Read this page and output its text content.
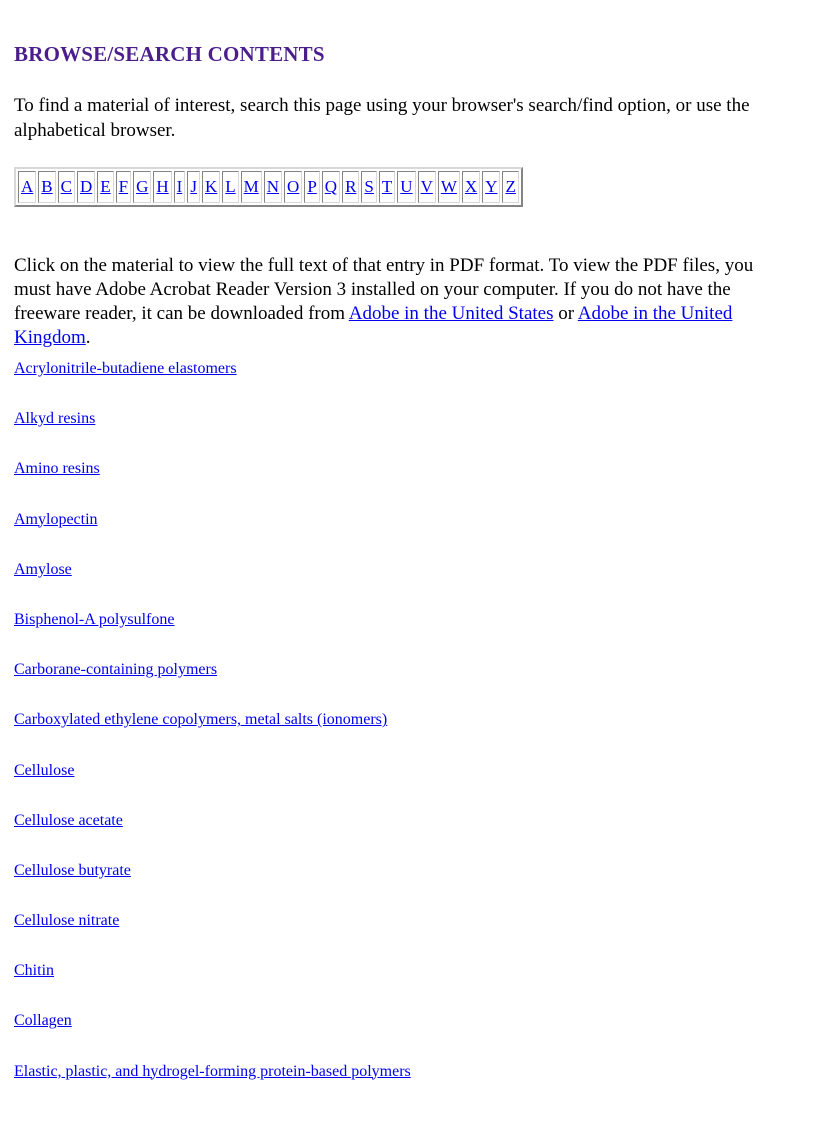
BROWSE/SEARCH CONTENTS

To find a material of interest, search this page using your browser's search/find option, or use the alphabetical browser.

A	B	C	D	E	F	G	H	I	J	K	L	M	N	O	P	Q	R	S	T	U	V	W	X	Y	Z

Click on the material to view the full text of that entry in PDF format. To view the PDF files, you must have Adobe Acrobat Reader Version 3 installed on your computer. If you do not have the freeware reader, it can be downloaded from Adobe in the United States or Adobe in the United Kingdom.

Acrylonitrile-butadiene elastomers
Alkyd resins
Amino resins
Amylopectin
Amylose
Bisphenol-A polysulfone
Carborane-containing polymers
Carboxylated ethylene copolymers, metal salts (ionomers)
Cellulose
Cellulose acetate
Cellulose butyrate
Cellulose nitrate
Chitin
Collagen
Elastic, plastic, and hydrogel-forming protein-based polymers
